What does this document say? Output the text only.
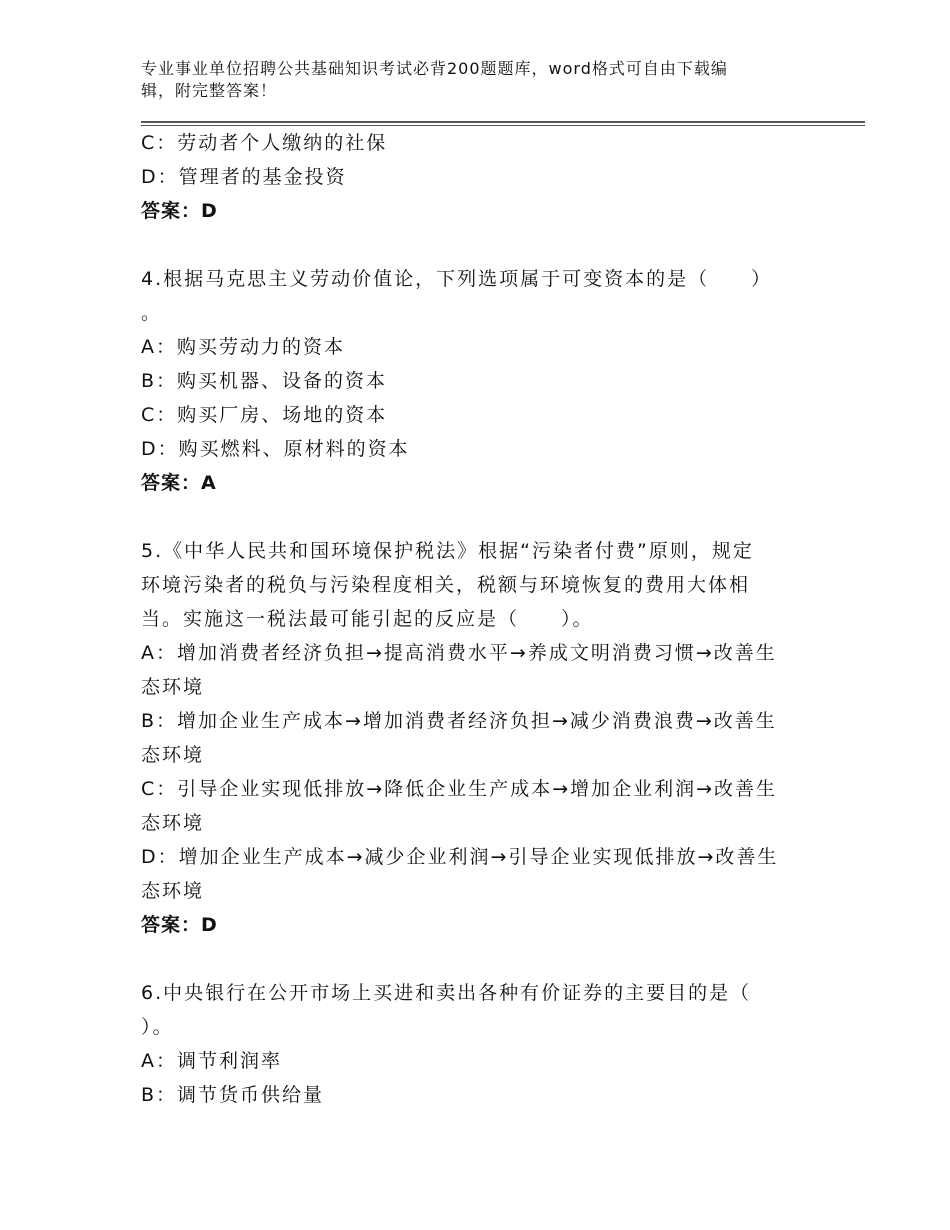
专业事业单位招聘公共基础知识考试必背200题题库，word格式可自由下载编
辑，附完整答案！
C：劳动者个人缴纳的社保
D：管理者的基金投资
答案：D
4.根据马克思主义劳动价值论，下列选项属于可变资本的是（　　）
。
A：购买劳动力的资本
B：购买机器、设备的资本
C：购买厂房、场地的资本
D：购买燃料、原材料的资本
答案：A
5.《中华人民共和国环境保护税法》根据“污染者付费”原则，规定
环境污染者的税负与污染程度相关，税额与环境恢复的费用大体相
当。实施这一税法最可能引起的反应是（　　）。
A：增加消费者经济负担→提高消费水平→养成文明消费习惯→改善生
态环境
B：增加企业生产成本→增加消费者经济负担→减少消费浪费→改善生
态环境
C：引导企业实现低排放→降低企业生产成本→增加企业利润→改善生
态环境
D：增加企业生产成本→减少企业利润→引导企业实现低排放→改善生
态环境
答案：D
6.中央银行在公开市场上买进和卖出各种有价证券的主要目的是（
）。
A：调节利润率
B：调节货币供给量
